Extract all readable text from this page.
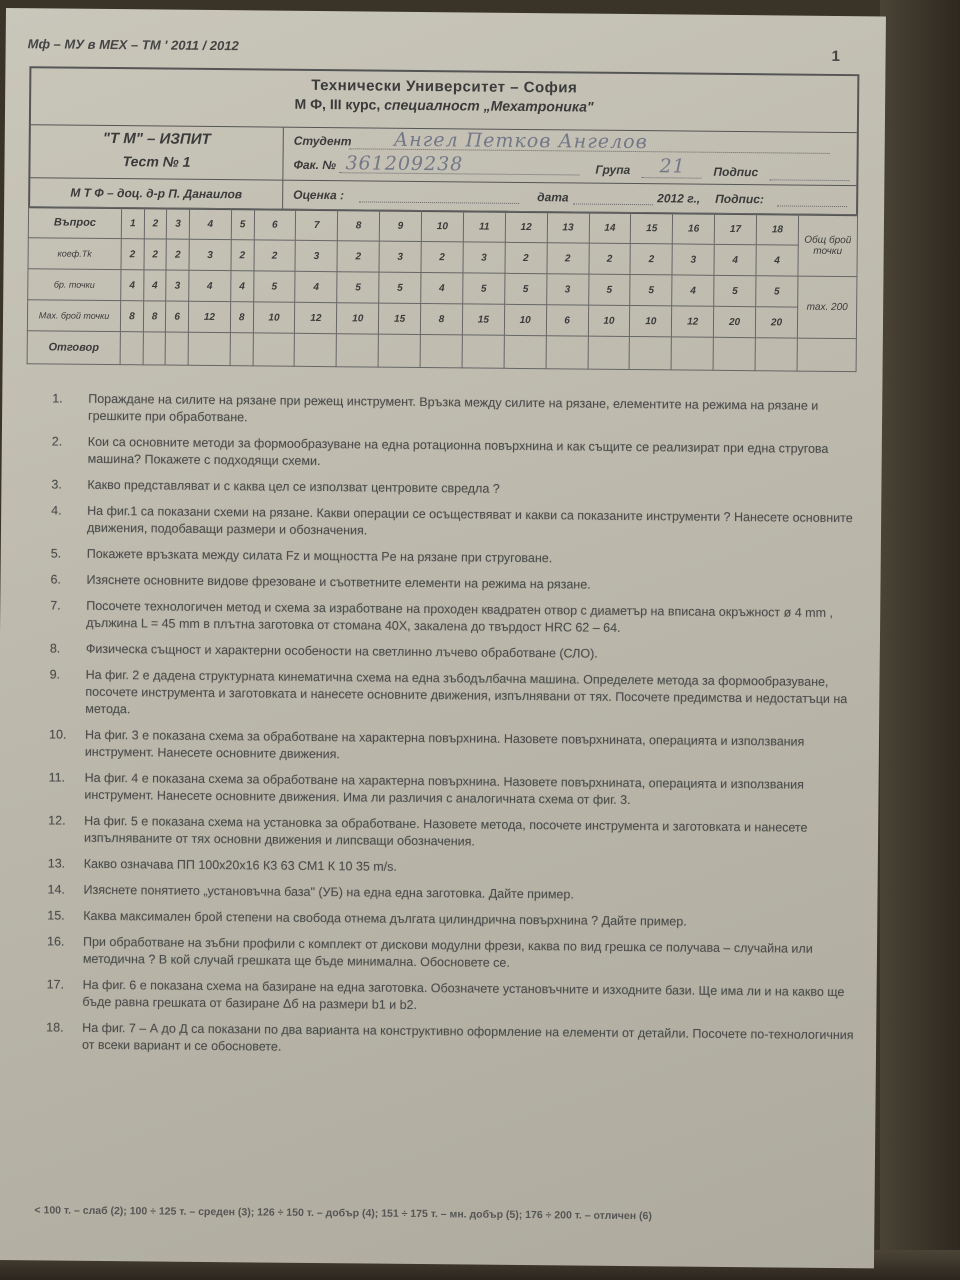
Мф – МУ в МЕХ – ТМ ' 2011 / 2012
1
Технически Университет – София
М Ф, III курс, специалност „Мехатроника"
"Т М" – ИЗПИТ
Тест № 1
Студент Ангел Петков Ангелов
Фак. № 361209238	Група 21 Подпис
М Т Ф – доц. д-р П. Данаилов	Оценка :	дата	2012 г., Подпис:
Въпрос	1	2	3	4	5	6	7	8	9	10	11	12	13	14	15	16	17	18	Общ брой точки
коеф.Тk	2	2	2	3	2	2	3	2	3	2	3	2	2	2	2	3	4	4	
бр. точки	4	4	3	4	4	5	4	5	5	4	5	5	3	5	5	4	5	5	max. 200
Мах. брой точки	8	8	6	12	8	10	12	10	15	8	15	10	6	10	10	12	20	20	
Отговор																			
1.	Пораждане на силите на рязане при режещ инструмент. Връзка между силите на рязане, елементите на режима на рязане и грешките при обработване.
2.	Кои са основните методи за формообразуване на една ротационна повърхнина и как същите се реализират при една стругова машина? Покажете с подходящи схеми.
3.	Какво представляват и с каква цел се използват центровите свредла ?
4.	На фиг.1 са показани схеми на рязане. Какви операции се осъществяват и какви са показаните инструменти ? Нанесете основните движения, подобаващи размери и обозначения.
5.	Покажете връзката между силата Fz и мощността Pe на рязане при струговане.
6.	Изяснете основните видове фрезоване и съответните елементи на режима на рязане.
7.	Посочете технологичен метод и схема за изработване на проходен квадратен отвор с диаметър на вписана окръжност ø 4 mm , дължина L = 45 mm в плътна заготовка от стомана 40Х, закалена до твърдост HRC 62 – 64.
8.	Физическа същност и характерни особености на светлинно лъчево обработване (СЛО).
9.	На фиг. 2 е дадена структурната кинематична схема на една зъбодълбачна машина. Определете метода за формообразуване, посочете инструмента и заготовката и нанесете основните движения, изпълнявани от тях. Посочете предимства и недостатъци на метода.
10.	На фиг. 3 е показана схема за обработване на характерна повърхнина. Назовете повърхнината, операцията и използвания инструмент. Нанесете основните движения.
11.	На фиг. 4 е показана схема за обработване на характерна повърхнина. Назовете повърхнината, операцията и използвания инструмент. Нанесете основните движения. Има ли различия с аналогичната схема от фиг. 3.
12.	На фиг. 5 е показана схема на установка за обработване. Назовете метода, посочете инструмента и заготовката и нанесете изпълняваните от тях основни движения и липсващи обозначения.
13.	Какво означава ПП 100х20х16 К3 63 СМ1 К 10 35 m/s.
14.	Изяснете понятието „установъчна база" (УБ) на една една заготовка. Дайте пример.
15.	Каква максимален брой степени на свобода отнема дългата цилиндрична повърхнина ? Дайте пример.
16.	При обработване на зъбни профили с комплект от дискови модулни фрези, каква по вид грешка се получава – случайна или методична ? В кой случай грешката ще бъде минимална. Обосновете се.
17.	На фиг. 6 е показана схема на базиране на една заготовка. Обозначете установъчните и изходните бази. Ще има ли и на какво ще бъде равна грешката от базиране Δб на размери b1 и b2.
18.	На фиг. 7 – А до Д са показани по два варианта на конструктивно оформление на елементи от детайли. Посочете по-технологичния от всеки вариант и се обосновете.
< 100 т. – слаб (2); 100 ÷ 125 т. – среден (3); 126 ÷ 150 т. – добър (4); 151 ÷ 175 т. – мн. добър (5); 176 ÷ 200 т. – отличен (6)
